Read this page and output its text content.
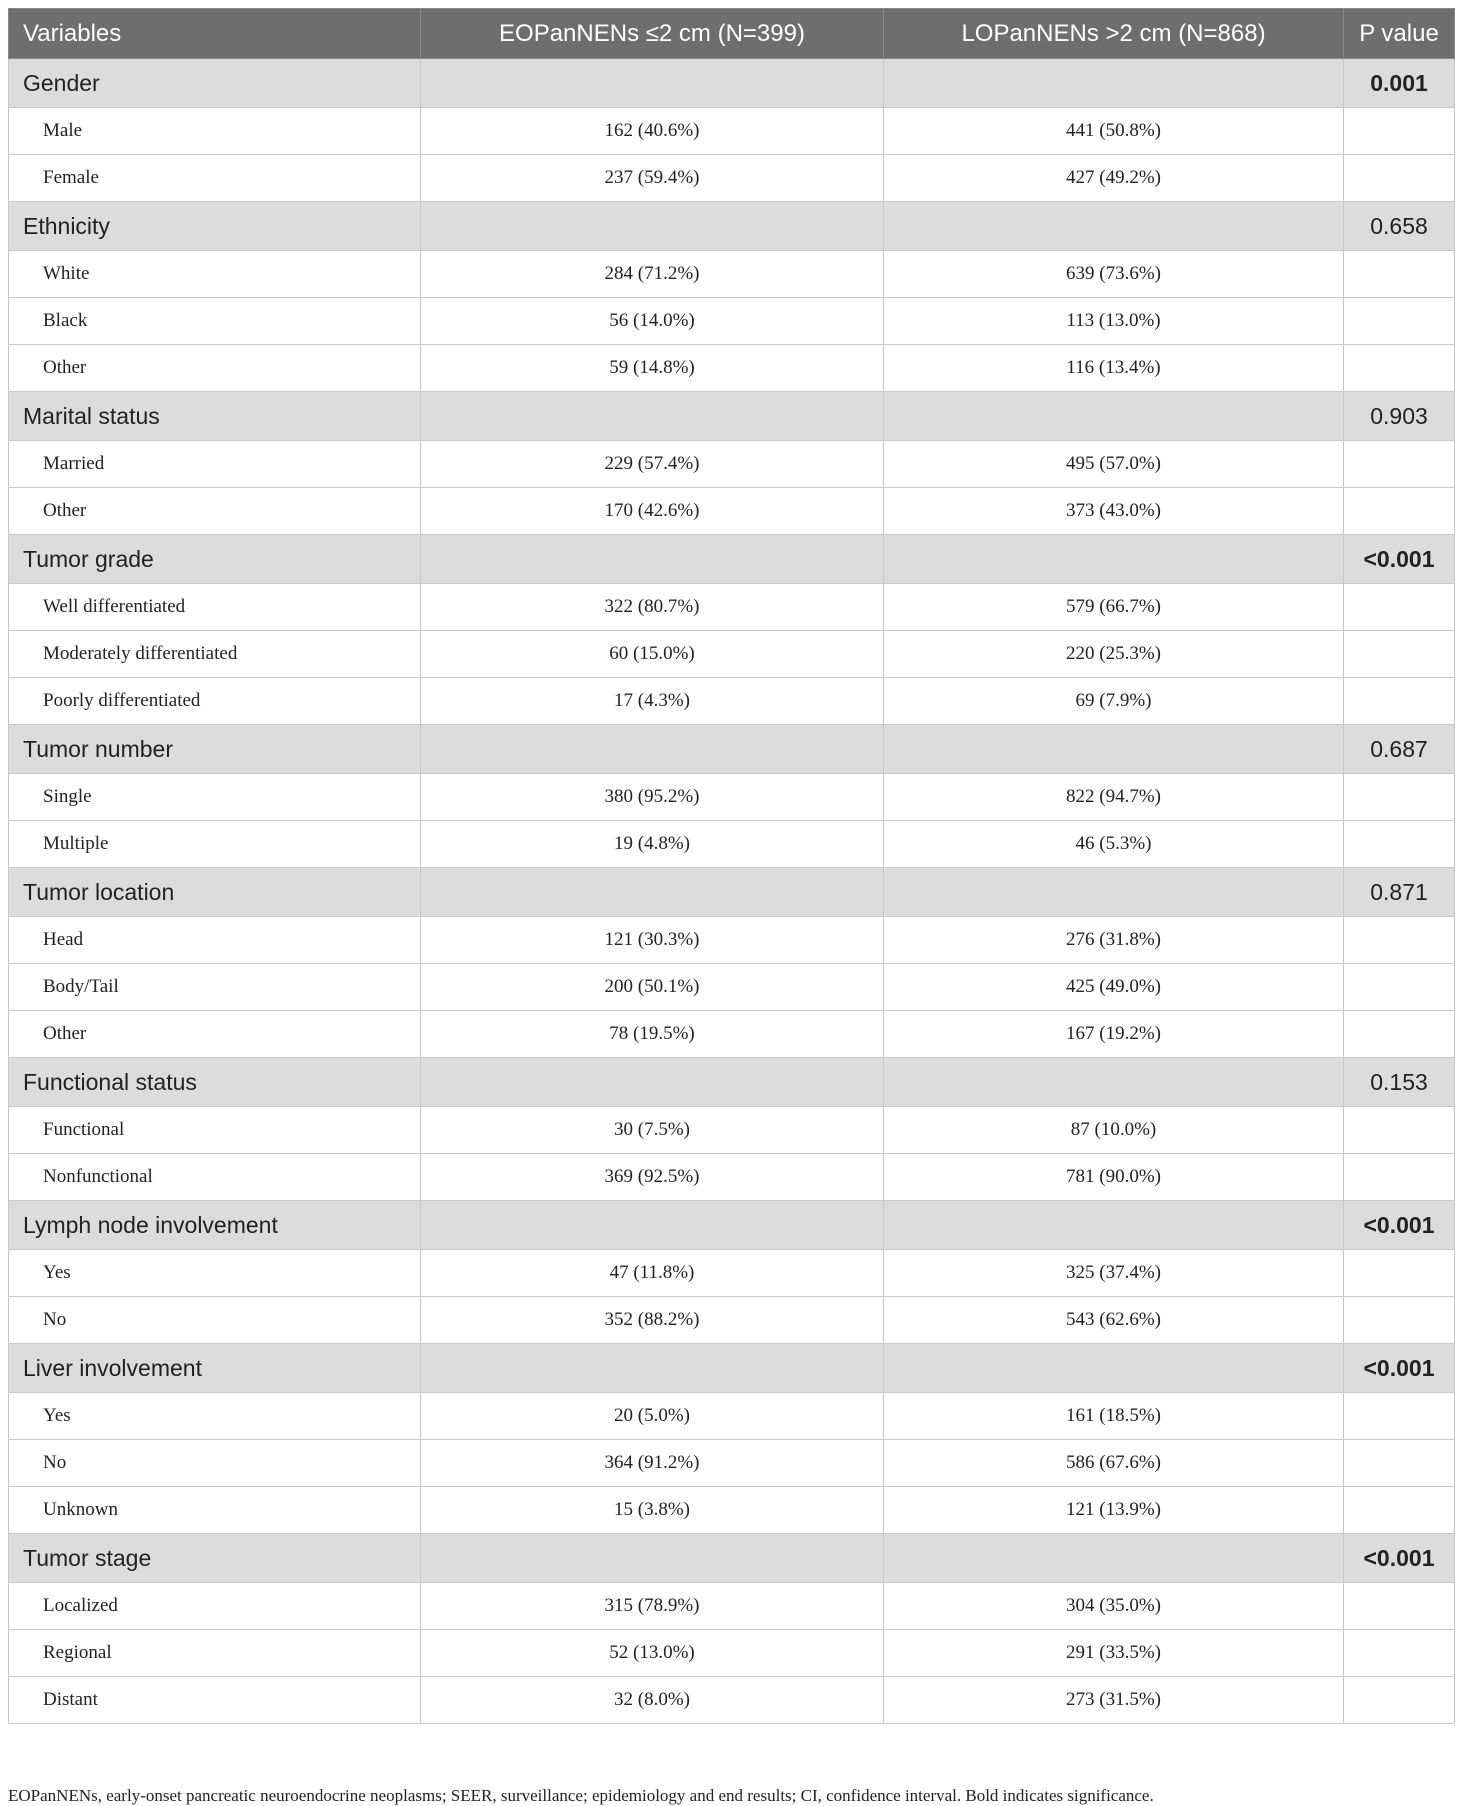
Variables	EOPanNENs ≤2 cm (N=399)	LOPanNENs >2 cm (N=868)	P value
Gender			0.001
Male	162 (40.6%)	441 (50.8%)	
Female	237 (59.4%)	427 (49.2%)	
Ethnicity			0.658
White	284 (71.2%)	639 (73.6%)	
Black	56 (14.0%)	113 (13.0%)	
Other	59 (14.8%)	116 (13.4%)	
Marital status			0.903
Married	229 (57.4%)	495 (57.0%)	
Other	170 (42.6%)	373 (43.0%)	
Tumor grade			<0.001
Well differentiated	322 (80.7%)	579 (66.7%)	
Moderately differentiated	60 (15.0%)	220 (25.3%)	
Poorly differentiated	17 (4.3%)	69 (7.9%)	
Tumor number			0.687
Single	380 (95.2%)	822 (94.7%)	
Multiple	19 (4.8%)	46 (5.3%)	
Tumor location			0.871
Head	121 (30.3%)	276 (31.8%)	
Body/Tail	200 (50.1%)	425 (49.0%)	
Other	78 (19.5%)	167 (19.2%)	
Functional status			0.153
Functional	30 (7.5%)	87 (10.0%)	
Nonfunctional	369 (92.5%)	781 (90.0%)	
Lymph node involvement			<0.001
Yes	47 (11.8%)	325 (37.4%)	
No	352 (88.2%)	543 (62.6%)	
Liver involvement			<0.001
Yes	20 (5.0%)	161 (18.5%)	
No	364 (91.2%)	586 (67.6%)	
Unknown	15 (3.8%)	121 (13.9%)	
Tumor stage			<0.001
Localized	315 (78.9%)	304 (35.0%)	
Regional	52 (13.0%)	291 (33.5%)	
Distant	32 (8.0%)	273 (31.5%)	
EOPanNENs, early-onset pancreatic neuroendocrine neoplasms; SEER, surveillance; epidemiology and end results; CI, confidence interval. Bold indicates significance.
